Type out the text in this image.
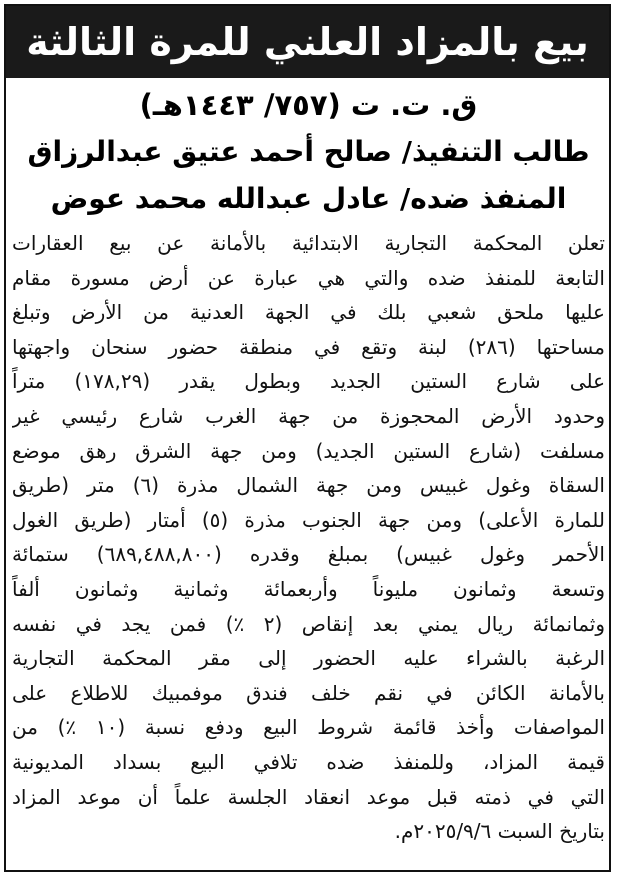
بيع بالمزاد العلني للمرة الثالثة
ق. ت. ت (٧٥٧/ ١٤٤٣هـ)
طالب التنفيذ/ صالح أحمد عتيق عبدالرزاق
المنفذ ضده/ عادل عبدالله محمد عوض
تعلن المحكمة التجارية الابتدائية بالأمانة عن بيع العقارات
التابعة للمنفذ ضده والتي هي عبارة عن أرض مسورة مقام
عليها ملحق شعبي بلك في الجهة العدنية من الأرض وتبلغ
مساحتها (٢٨٦) لبنة وتقع في منطقة حضور سنحان واجهتها
على شارع الستين الجديد وبطول يقدر (١٧٨,٢٩) متراً
وحدود الأرض المحجوزة من جهة الغرب شارع رئيسي غير
مسلفت (شارع الستين الجديد) ومن جهة الشرق رهق موضع
السقاة وغول غبيس ومن جهة الشمال مذرة (٦) متر (طريق
للمارة الأعلى) ومن جهة الجنوب مذرة (٥) أمتار (طريق الغول
الأحمر وغول غبيس) بمبلغ وقدره (٦٨٩,٤٨٨,٨٠٠) ستمائة
وتسعة وثمانون مليوناً وأربعمائة وثمانية وثمانون ألفاً
وثمانمائة ريال يمني بعد إنقاص (٢ ٪) فمن يجد في نفسه
الرغبة بالشراء عليه الحضور إلى مقر المحكمة التجارية
بالأمانة الكائن في نقم خلف فندق موفمبيك للاطلاع على
المواصفات وأخذ قائمة شروط البيع ودفع نسبة (١٠ ٪) من
قيمة المزاد، وللمنفذ ضده تلافي البيع بسداد المديونية
التي في ذمته قبل موعد انعقاد الجلسة علماً أن موعد المزاد
بتاريخ السبت ٢٠٢٥/٩/٦م.
